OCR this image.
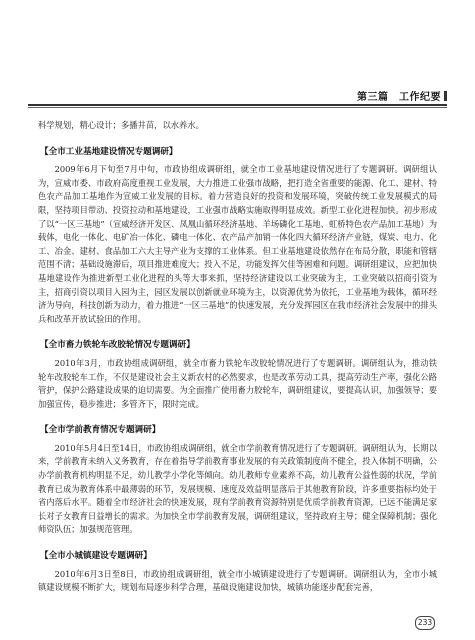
第三篇　工作纪要

科学规划，精心设计；多播井苗，以水养水。

【全市工业基地建设情况专题调研】

2009年6月下旬至7月中旬，市政协组成调研组，就全市工业基地建设情况进行了专题调研。调研组认为，宣威市委、市政府高度重视工业发展，大力推进工业强市战略，把打造全省重要的能源、化工、建材、特色农产品加工基地作为宣威工业发展的目标。着力营造良好的投资和发展环境，突破传统工业发展模式的局限，坚持项目带动、投资拉动和基地建设，工业强市战略实施取得明显成效。新型工业化进程加快。初步形成了以“一区三基地”（宣威经济开发区、凤凰山循环经济基地、羊场磷化工基地、虹桥特色农产品加工基地）为载体，电化一体化、电矿冶一体化、磷电一体化、农产品产加销一体化四大循环经济产业链，煤炭、电力、化工、冶金、建材、食品加工六大主导产业为支撑的工业体系。但工业基地建设依然存在布局分散，职能和管辖范围不清；基础设施滞后，项目推进难度大；投入不足，功能发挥欠佳等困难和问题。调研组建议，应把加快基地建设作为推进新型工业化进程的头等大事来抓，坚持经济建设以工业突破为主，工业突破以招商引资为主，招商引资以项目入园为主，园区发展以创新就业环境为主，以资源优势为依托，工业基地为载体，循环经济为导向，科技创新为动力，着力推进“一区三基地”的快速发展，充分发挥园区在我市经济社会发展中的排头兵和改革开放试验田的作用。

【全市畜力铁轮车改胶轮情况专题调研】

2010年3月，市政协组成调研组，就全市畜力铁轮车改胶轮情况进行了专题调研。调研组认为，推动铁轮车改胶轮车工作，不仅是建设社会主义新农村的必然要求，也是改革劳动工具，提高劳动生产率，强化公路管护，保护公路建设成果的迫切需要。为全面推广使用畜力胶轮车，调研组建议，要提高认识，加强领导；要加强宣传，稳步推进；多管齐下，限时完成。

【全市学前教育情况专题调研】

2010年5月4日至14日，市政协组成调研组，就全市学前教育情况进行了专题调研。调研组认为，长期以来，学前教育未纳入义务教育，存在着指导学前教育事业发展的有关政策制度尚不健全，投入体制不明确，公办学前教育机构明显不足，幼儿教学小学化等倾向。幼儿教师专业素养不高，幼儿教育公益性弱的状况，学前教育已成为教育体系中最薄弱的环节，发展规模、速度及效益明显落后于其他教育阶段，许多重要指标均处于省内落后水平。随着全市经济社会的快速发展，现有学前教育资源特别是优质学前教育资源，已远不能满足家长对子女教育日益增长的需求。为加快全市学前教育发展，调研组建议，坚持政府主导；健全保障机制；强化师资队伍；加强规范管理。

【全市小城镇建设专题调研】

2010年6月3日至8日，市政协组成调研组，就全市小城镇建设进行了专题调研。调研组认为，全市小城镇建设规模不断扩大，规划布局逐步科学合理，基础设施建设加快，城镇功能逐步配套完善，

233
